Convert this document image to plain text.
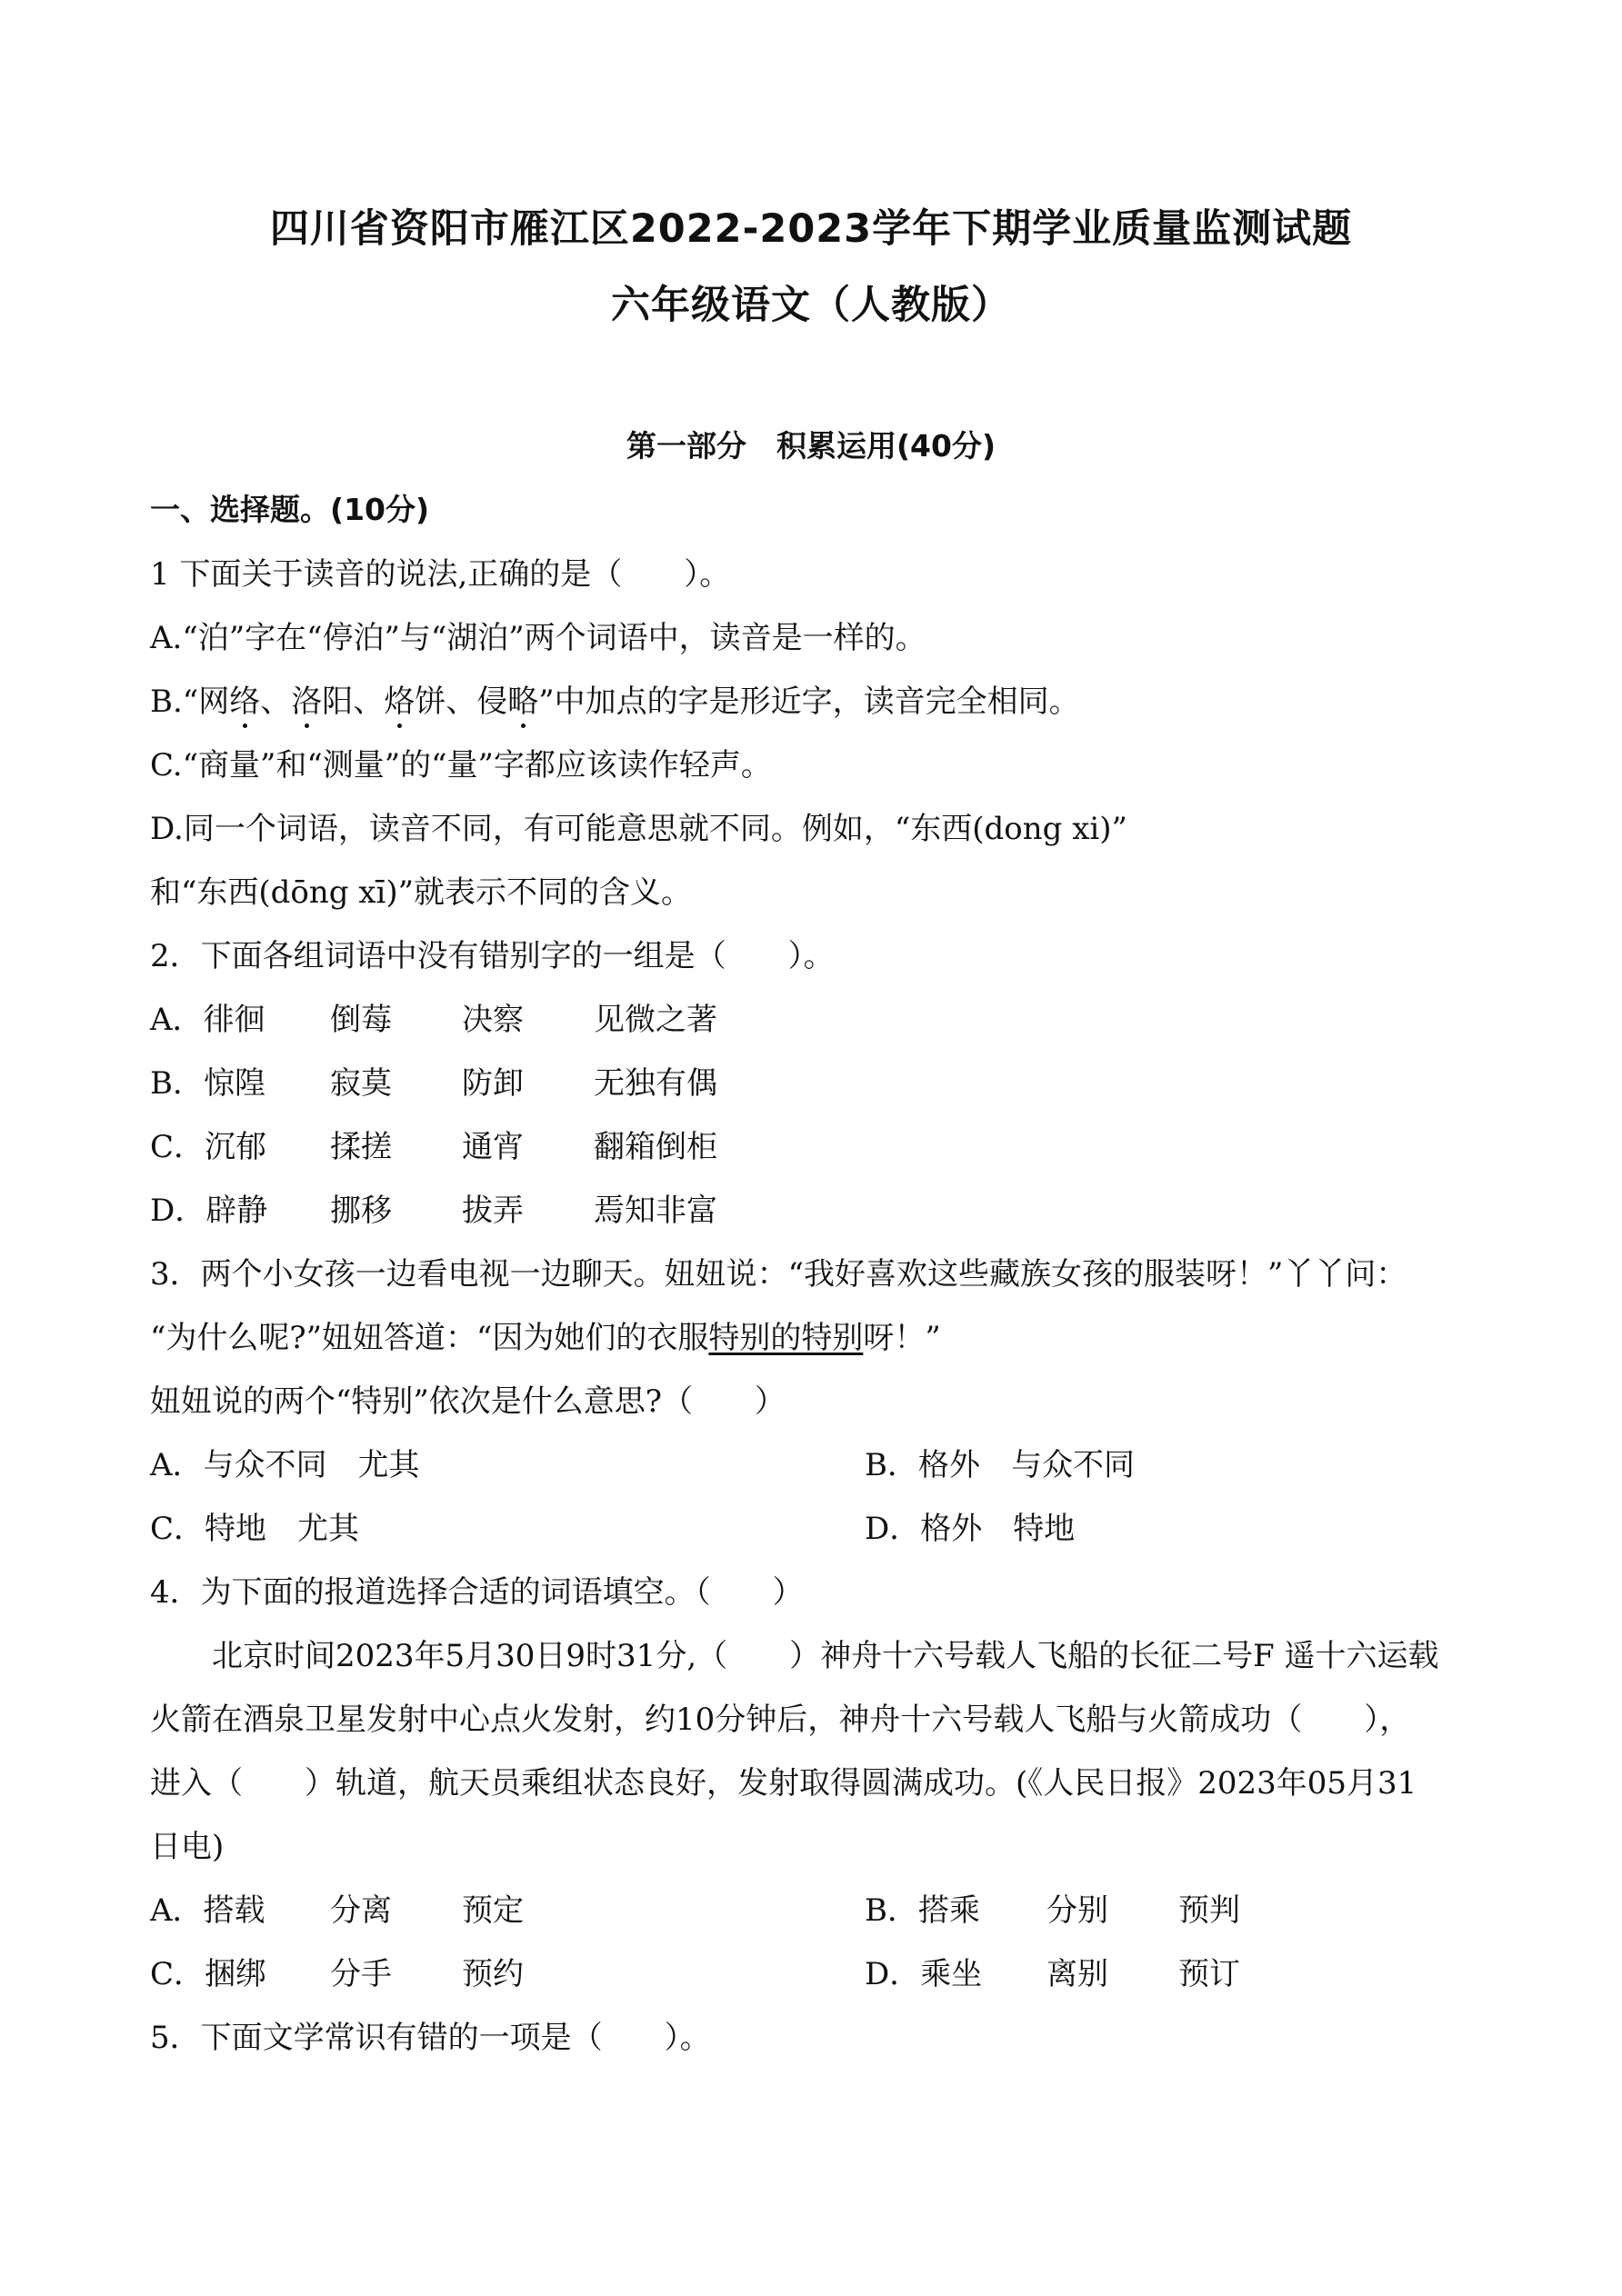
四川省资阳市雁江区2022-2023学年下期学业质量监测试题
六年级语文（人教版）
第一部分　积累运用(40分)
一、选择题。(10分)
1 下面关于读音的说法,正确的是（　　）。
A.“泊”字在“停泊”与“湖泊”两个词语中，读音是一样的。
B.“网络、洛阳、烙饼、侵略”中加点的字是形近字，读音完全相同。
C.“商量”和“测量”的“量”字都应该读作轻声。
D.同一个词语，读音不同，有可能意思就不同。例如，“东西(dong xi)”
和“东西(dōng xī)”就表示不同的含义。
2．下面各组词语中没有错别字的一组是（　　）。
A．徘徊 倒莓 决察 见微之著
B．惊隍 寂莫 防卸 无独有偶
C．沉郁 揉搓 通宵 翻箱倒柜
D．辟静 挪移 拔弄 焉知非富
3．两个小女孩一边看电视一边聊天。妞妞说：“我好喜欢这些藏族女孩的服装呀！”丫丫问：
“为什么呢?”妞妞答道：“因为她们的衣服特别的特别呀！”
妞妞说的两个“特别”依次是什么意思?（　　）
A．与众不同　尤其	B．格外　与众不同
C．特地　尤其	D．格外　特地
4．为下面的报道选择合适的词语填空。（　　）
北京时间2023年5月30日9时31分,（　　）神舟十六号载人飞船的长征二号F 遥十六运载
火箭在酒泉卫星发射中心点火发射，约10分钟后，神舟十六号载人飞船与火箭成功（　　），
进入（　　）轨道，航天员乘组状态良好，发射取得圆满成功。(《人民日报》2023年05月31
日电)
A．搭载 分离 预定	B．搭乘 分别 预判
C．捆绑 分手 预约	D．乘坐 离别 预订
5．下面文学常识有错的一项是（　　）。
